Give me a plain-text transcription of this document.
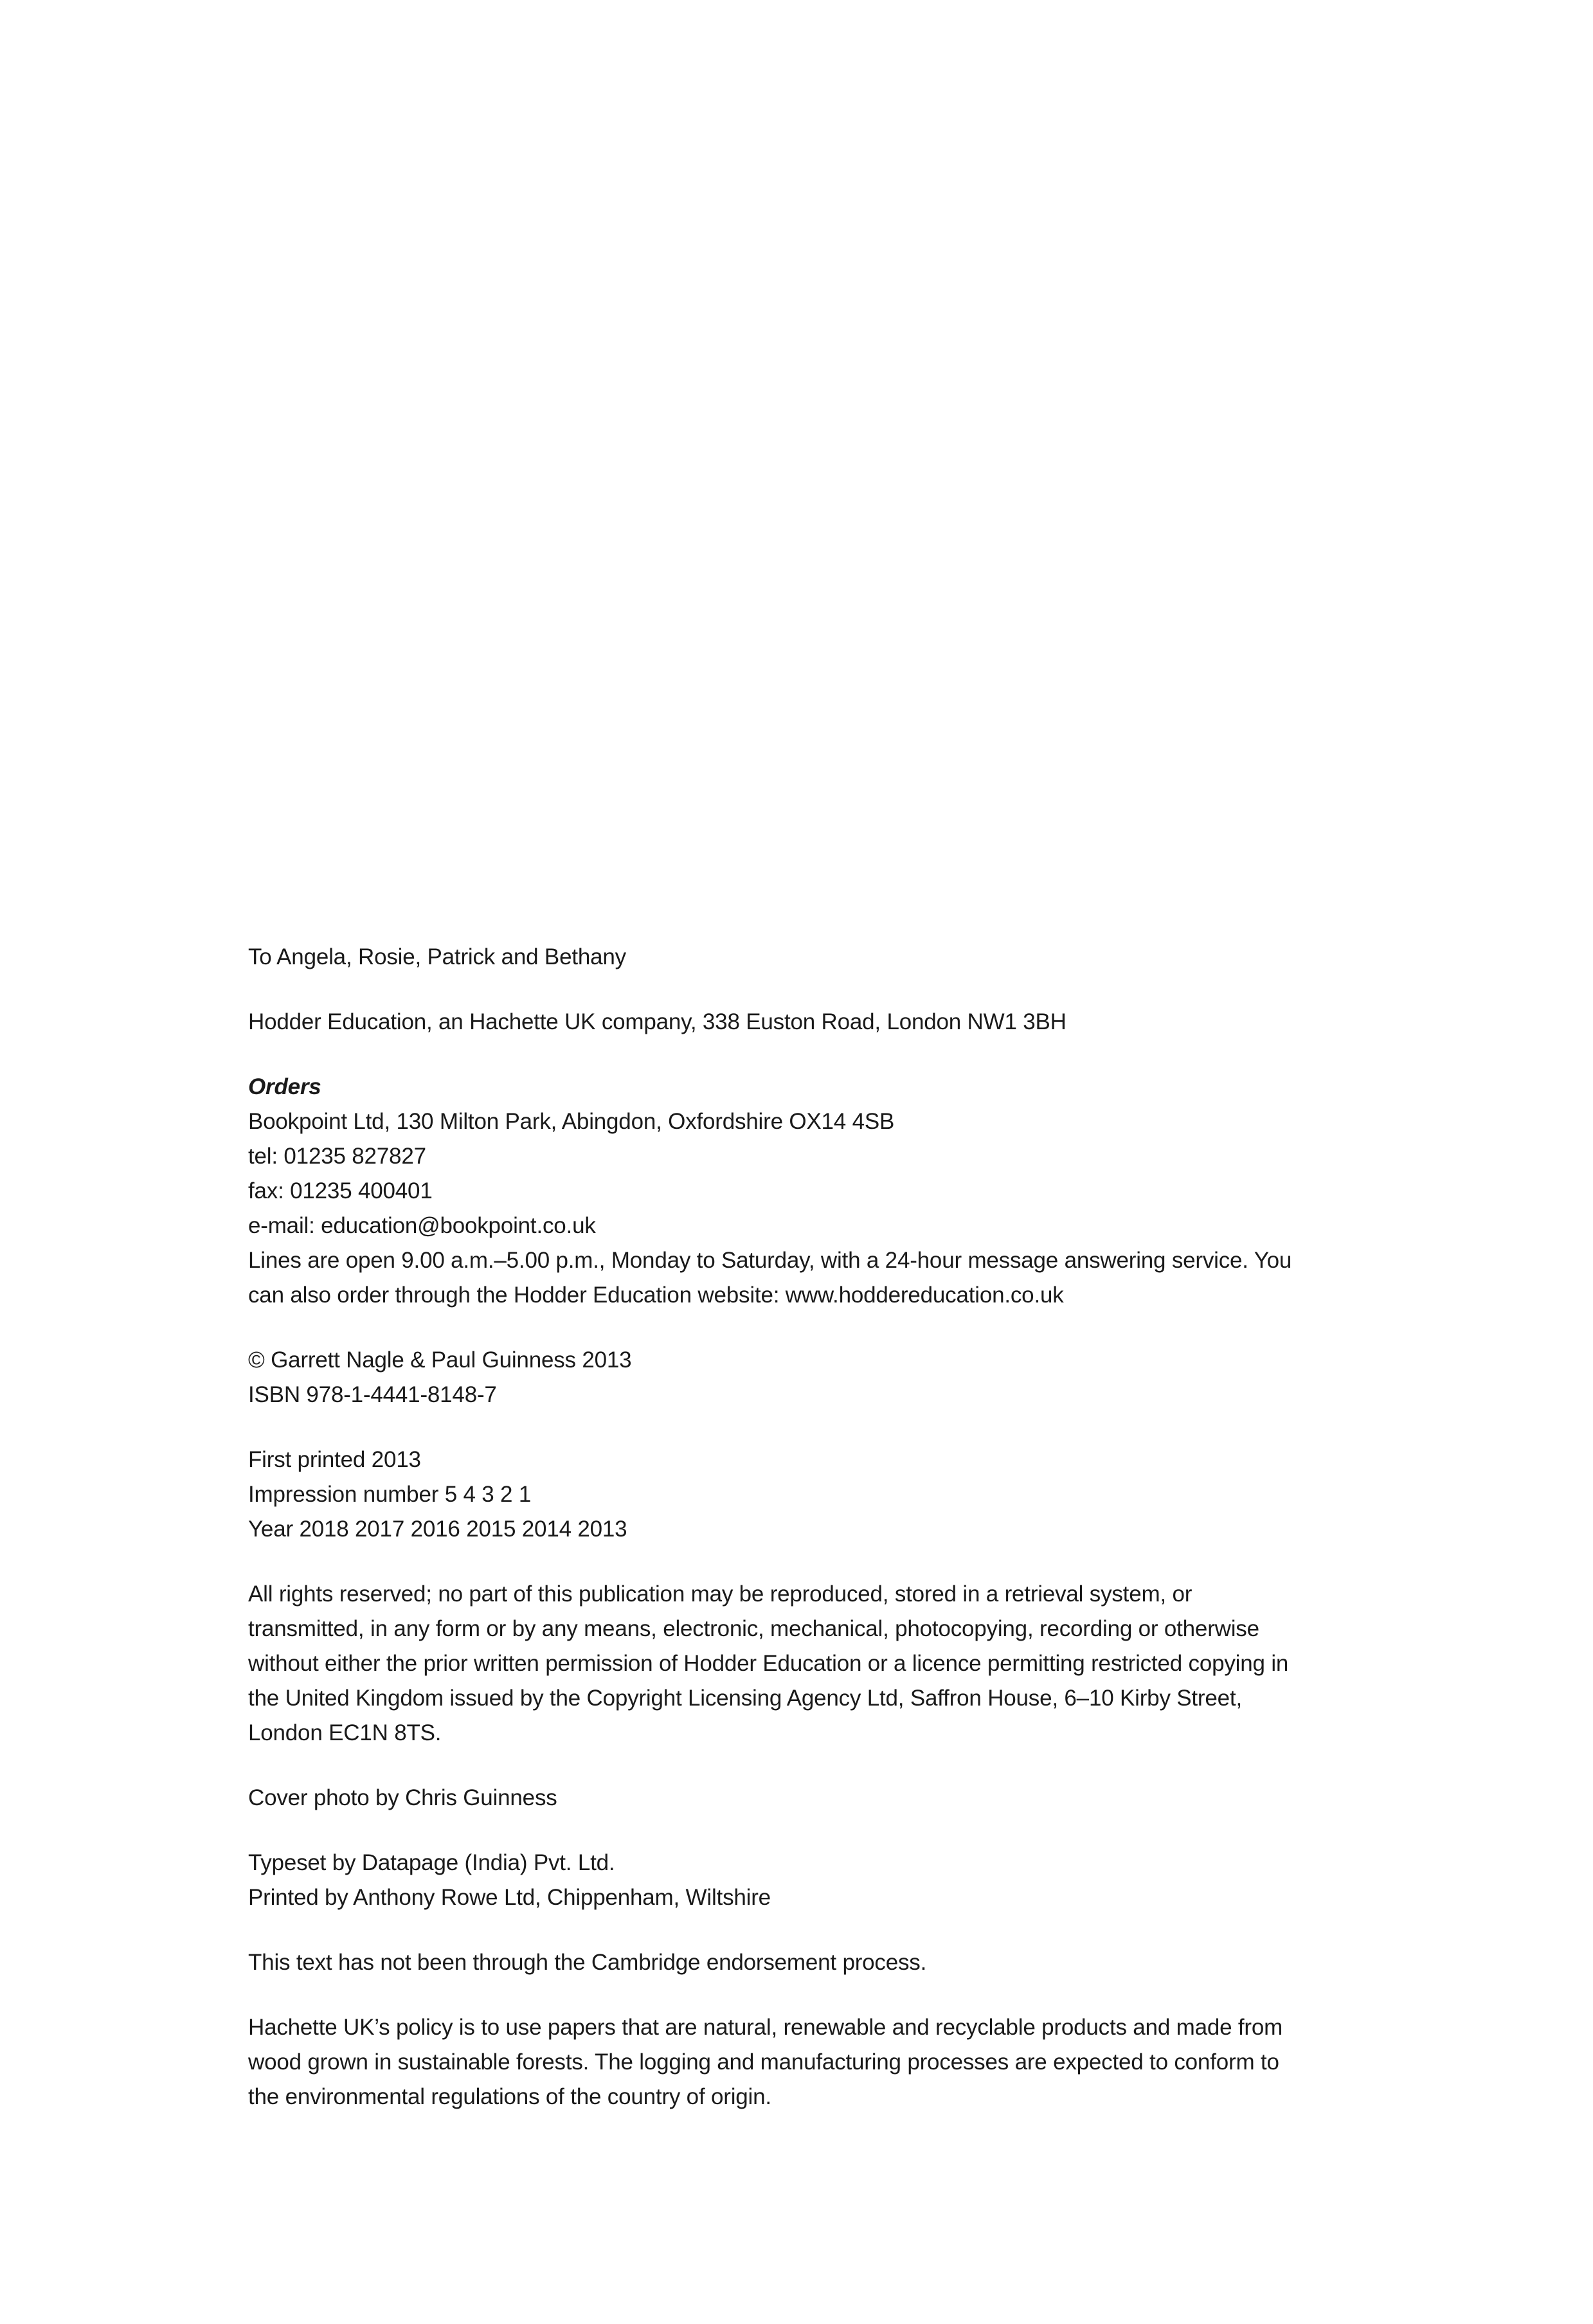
To Angela, Rosie, Patrick and Bethany
Hodder Education, an Hachette UK company, 338 Euston Road, London NW1 3BH
Orders
Bookpoint Ltd, 130 Milton Park, Abingdon, Oxfordshire OX14 4SB
tel: 01235 827827
fax: 01235 400401
e-mail: education@bookpoint.co.uk
Lines are open 9.00 a.m.–5.00 p.m., Monday to Saturday, with a 24-hour message answering service. You can also order through the Hodder Education website: www.hoddereducation.co.uk
© Garrett Nagle & Paul Guinness 2013
ISBN 978-1-4441-8148-7
First printed 2013
Impression number 5 4 3 2 1
Year 2018 2017 2016 2015 2014 2013
All rights reserved; no part of this publication may be reproduced, stored in a retrieval system, or transmitted, in any form or by any means, electronic, mechanical, photocopying, recording or otherwise without either the prior written permission of Hodder Education or a licence permitting restricted copying in the United Kingdom issued by the Copyright Licensing Agency Ltd, Saffron House, 6–10 Kirby Street, London EC1N 8TS.
Cover photo by Chris Guinness
Typeset by Datapage (India) Pvt. Ltd.
Printed by Anthony Rowe Ltd, Chippenham, Wiltshire
This text has not been through the Cambridge endorsement process.
Hachette UK’s policy is to use papers that are natural, renewable and recyclable products and made from wood grown in sustainable forests. The logging and manufacturing processes are expected to conform to the environmental regulations of the country of origin.
